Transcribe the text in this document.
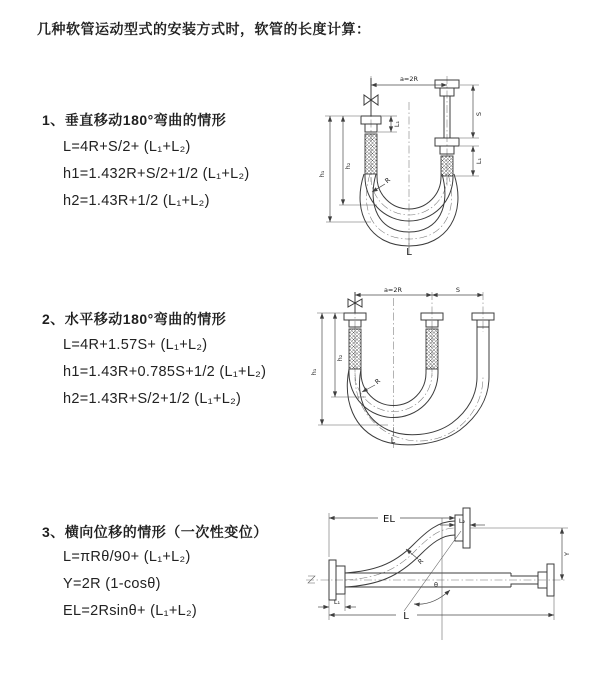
几种软管运动型式的安装方式时，软管的长度计算：
1、垂直移动180°弯曲的情形
L=4R+S/2+ (L₁+L₂)
h1=1.432R+S/2+1/2 (L₁+L₂)
h2=1.43R+1/2 (L₁+L₂)
2、水平移动180°弯曲的情形
L=4R+1.57S+ (L₁+L₂)
h1=1.43R+0.785S+1/2 (L₁+L₂)
h2=1.43R+S/2+1/2 (L₁+L₂)
3、横向位移的情形（一次性变位）
L=πRθ/90+ (L₁+L₂)
Y=2R (1-cosθ)
EL=2Rsinθ+ (L₁+L₂)
a=2R
S
L₁
L₁
h₁
h₂
R
L
a=2R	S
h₁
h₂
R
L
θ
EL	L₂
Y
L
L₁
R
